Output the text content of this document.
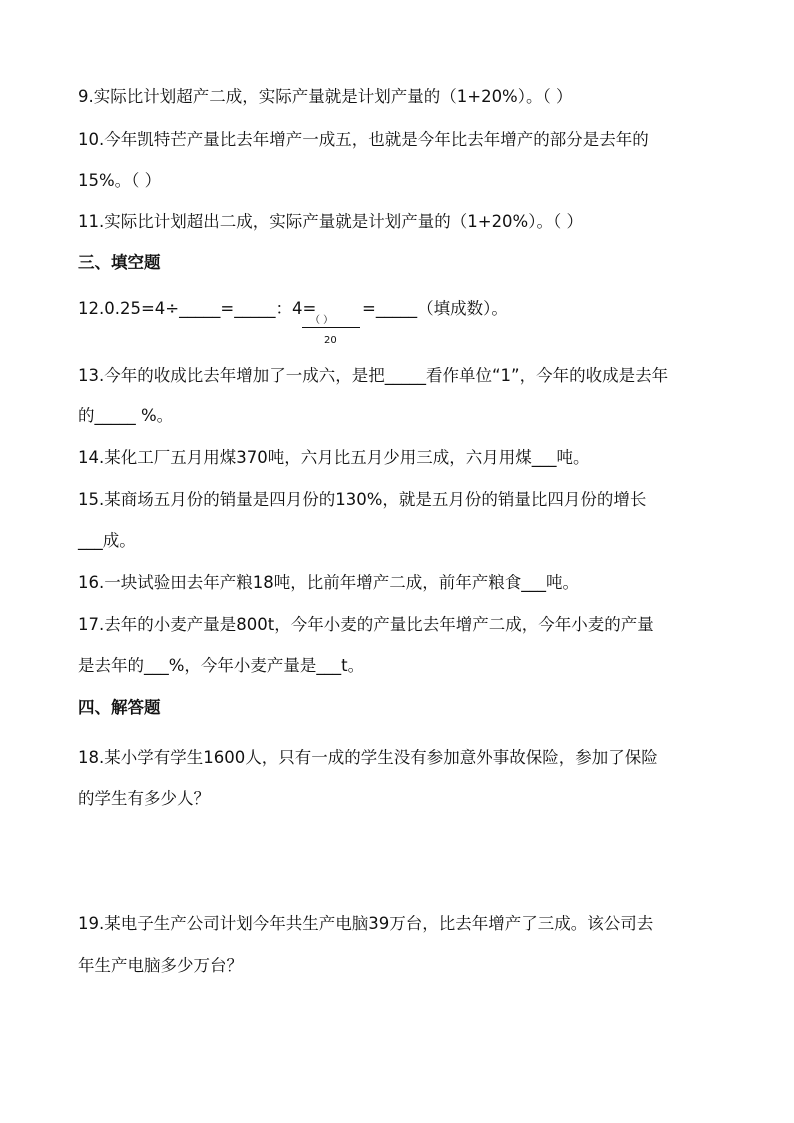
9.实际比计划超产二成，实际产量就是计划产量的（1+20%）。（ ）
10.今年凯特芒产量比去年增产一成五，也就是今年比去年增产的部分是去年的
15%。（ ）
11.实际比计划超出二成，实际产量就是计划产量的（1+20%）。（ ）
三、填空题
12.0.25=4÷_____=_____：4=
（ ）
20
=_____（填成数）。
13.今年的收成比去年增加了一成六，是把_____看作单位“1”，今年的收成是去年
的_____ %。
14.某化工厂五月用煤370吨，六月比五月少用三成，六月用煤___吨。
15.某商场五月份的销量是四月份的130%，就是五月份的销量比四月份的增长
___成。
16.一块试验田去年产粮18吨，比前年增产二成，前年产粮食___吨。
17.去年的小麦产量是800t，今年小麦的产量比去年增产二成，今年小麦的产量
是去年的___%，今年小麦产量是___t。
四、解答题
18.某小学有学生1600人，只有一成的学生没有参加意外事故保险，参加了保险
的学生有多少人？
19.某电子生产公司计划今年共生产电脑39万台，比去年增产了三成。该公司去
年生产电脑多少万台？
